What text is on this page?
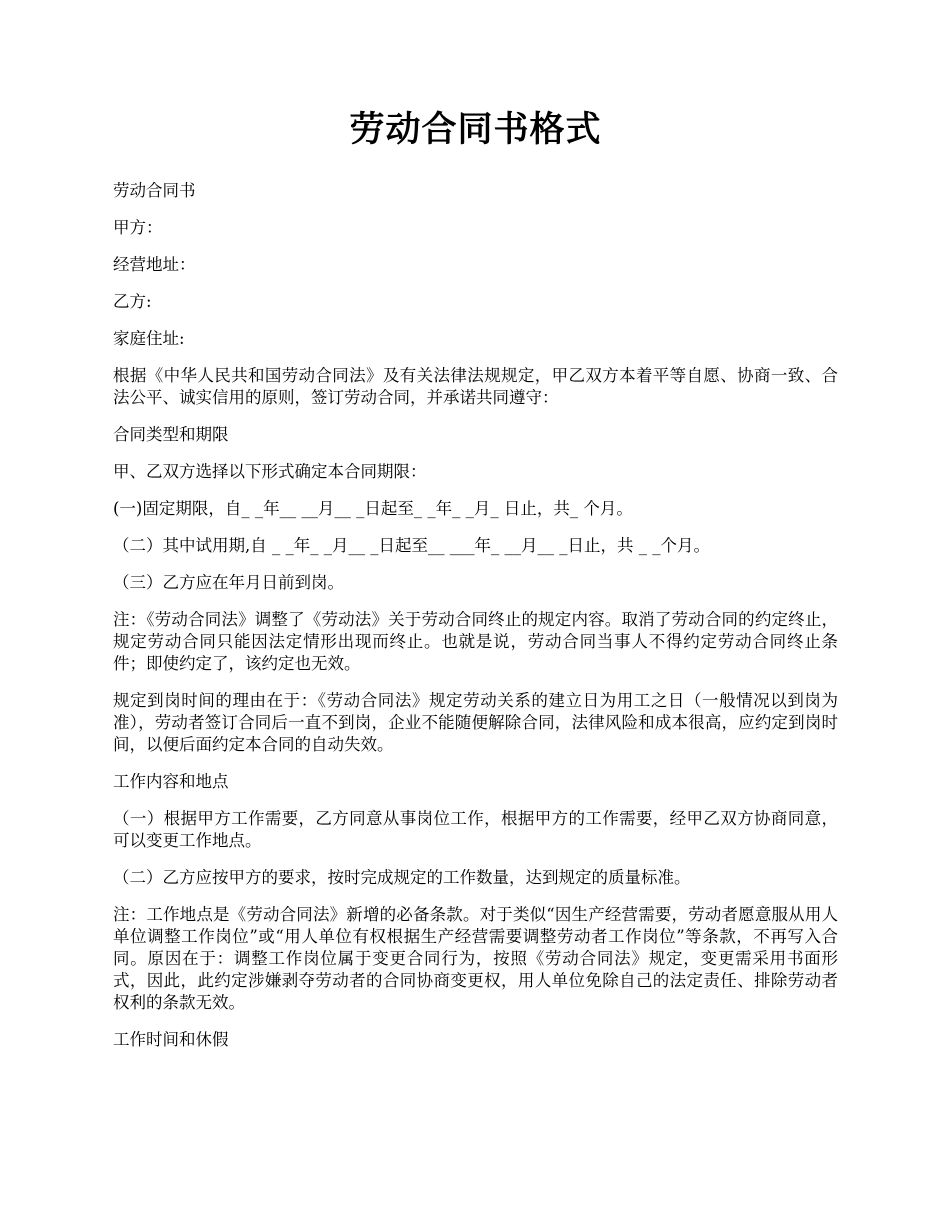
劳动合同书格式

劳动合同书

甲方：

经营地址：

乙方:

家庭住址:

根据《中华人民共和国劳动合同法》及有关法律法规规定，甲乙双方本着平等自愿、协商一致、合法公平、诚实信用的原则，签订劳动合同，并承诺共同遵守：

合同类型和期限

甲、乙双方选择以下形式确定本合同期限：

(一)固定期限，自_ _年__ __月__ _日起至_ _年_ _月_ 日止，共_ 个月。

（二）其中试用期,自 _ _年_ _月__ _日起至__ ___年_ __月__ _日止，共 _ _个月。

（三）乙方应在年月日前到岗。

注：《劳动合同法》调整了《劳动法》关于劳动合同终止的规定内容。取消了劳动合同的约定终止，规定劳动合同只能因法定情形出现而终止。也就是说，劳动合同当事人不得约定劳动合同终止条件；即使约定了，该约定也无效。

规定到岗时间的理由在于：《劳动合同法》规定劳动关系的建立日为用工之日（一般情况以到岗为准），劳动者签订合同后一直不到岗，企业不能随便解除合同，法律风险和成本很高，应约定到岗时间，以便后面约定本合同的自动失效。

工作内容和地点

（一）根据甲方工作需要，乙方同意从事岗位工作，根据甲方的工作需要，经甲乙双方协商同意，可以变更工作地点。

（二）乙方应按甲方的要求，按时完成规定的工作数量，达到规定的质量标准。

注：工作地点是《劳动合同法》新增的必备条款。对于类似“因生产经营需要，劳动者愿意服从用人单位调整工作岗位”或“用人单位有权根据生产经营需要调整劳动者工作岗位”等条款，不再写入合同。原因在于：调整工作岗位属于变更合同行为，按照《劳动合同法》规定，变更需采用书面形式，因此，此约定涉嫌剥夺劳动者的合同协商变更权，用人单位免除自己的法定责任、排除劳动者权利的条款无效。

工作时间和休假
